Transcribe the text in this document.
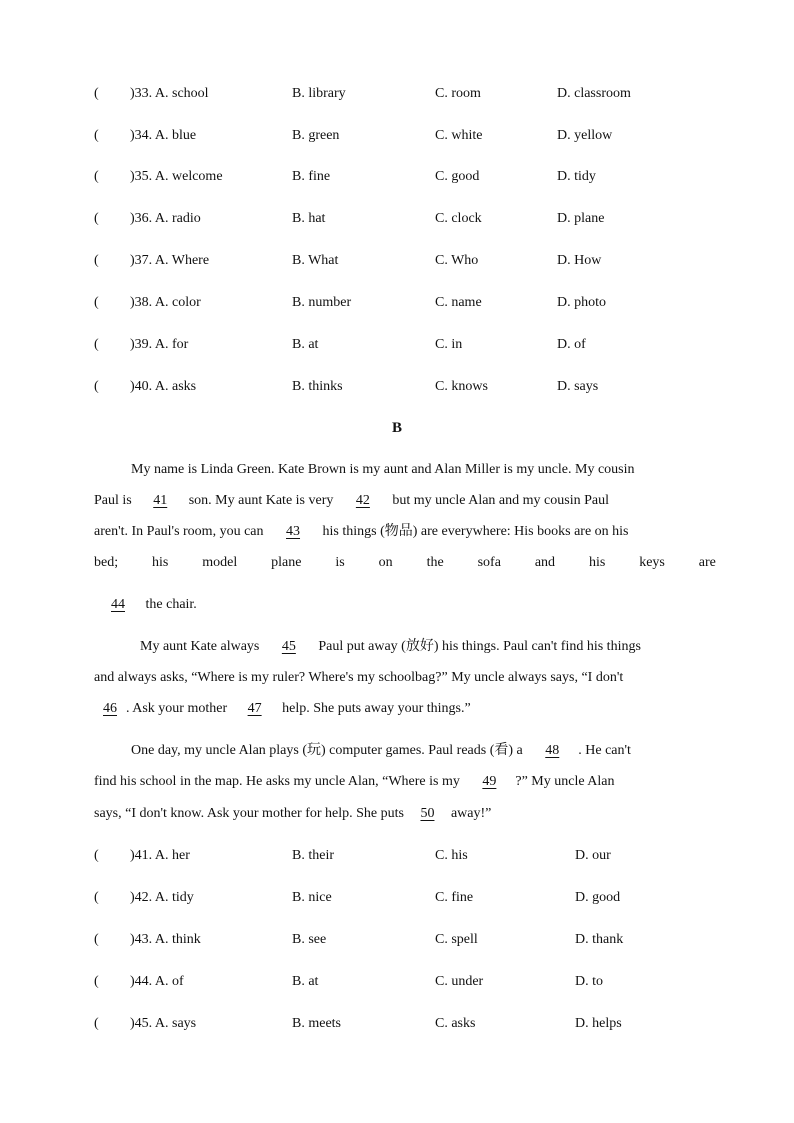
( )33. A. school	B. library	C. room	D. classroom
( )34. A. blue	B. green	C. white	D. yellow
( )35. A. welcome	B. fine	C. good	D. tidy
( )36. A. radio	B. hat	C. clock	D. plane
( )37. A. Where	B. What	C. Who	D. How
( )38. A. color	B. number	C. name	D. photo
( )39. A. for	B. at	C. in	D. of
( )40. A. asks	B. thinks	C. knows	D. says
B
My name is Linda Green. Kate Brown is my aunt and Alan Miller is my uncle. My cousin
Paul is 41 son. My aunt Kate is very 42 but my uncle Alan and my cousin Paul
aren't. In Paul's room, you can 43 his things (物品) are everywhere: His books are on his
bed; his model plane is on the sofa and his keys are
44 the chair.
My aunt Kate always 45 Paul put away (放好) his things. Paul can't find his things
and always asks, “Where is my ruler? Where's my schoolbag?” My uncle always says, “I don't
46 . Ask your mother 47 help. She puts away your things.”
One day, my uncle Alan plays (玩) computer games. Paul reads (看) a 48 . He can't
find his school in the map. He asks my uncle Alan, “Where is my 49 ?” My uncle Alan
says, “I don't know. Ask your mother for help. She puts 50 away!”
( )41. A. her	B. their	C. his	D. our
( )42. A. tidy	B. nice	C. fine	D. good
( )43. A. think	B. see	C. spell	D. thank
( )44. A. of	B. at	C. under	D. to
( )45. A. says	B. meets	C. asks	D. helps
